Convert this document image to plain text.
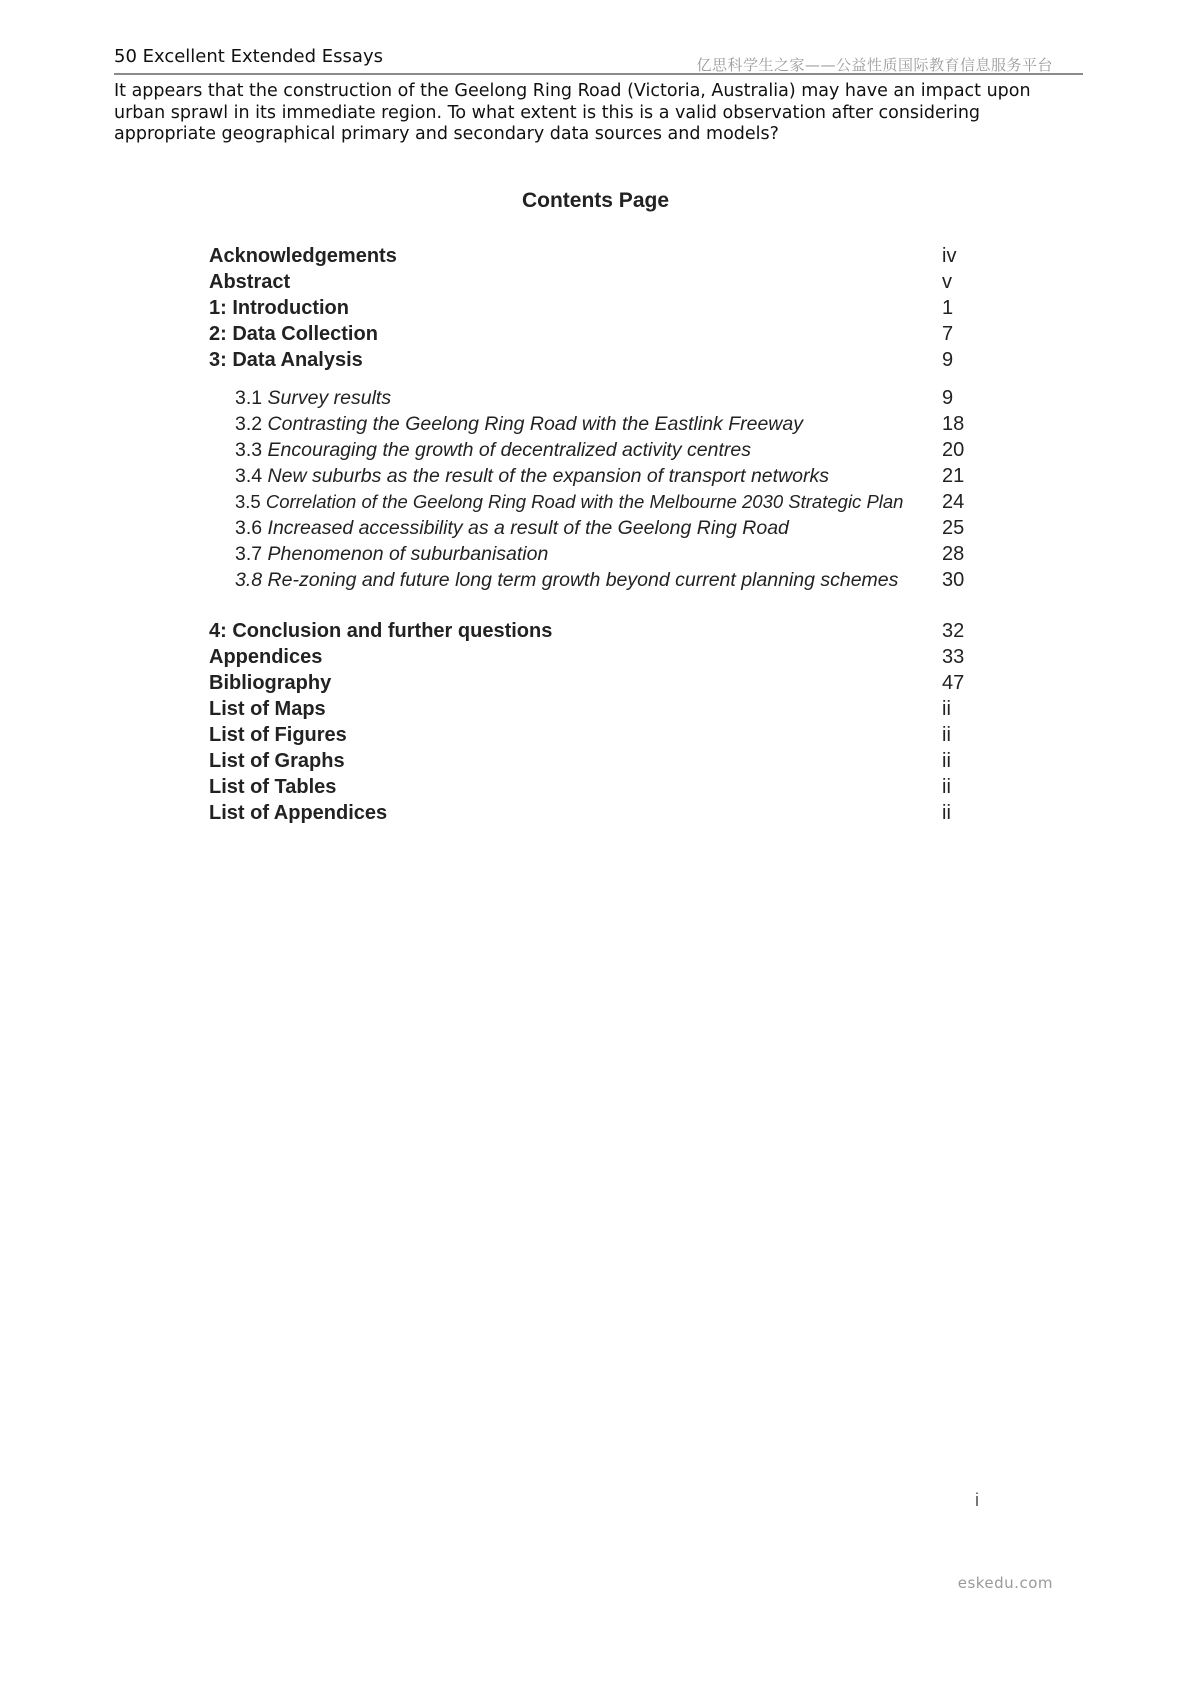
50 Excellent Extended Essays	亿思科学生之家——公益性质国际教育信息服务平台
It appears that the construction of the Geelong Ring Road (Victoria, Australia) may have an impact upon urban sprawl in its immediate region. To what extent is this is a valid observation after considering appropriate geographical primary and secondary data sources and models?
Contents Page
Acknowledgements	iv
Abstract	v
1: Introduction	1
2: Data Collection	7
3: Data Analysis	9
3.1 Survey results	9
3.2 Contrasting the Geelong Ring Road with the Eastlink Freeway	18
3.3 Encouraging the growth of decentralized activity centres	20
3.4 New suburbs as the result of the expansion of transport networks	21
3.5 Correlation of the Geelong Ring Road with the Melbourne 2030 Strategic Plan 24
3.6 Increased accessibility as a result of the Geelong Ring Road	25
3.7 Phenomenon of suburbanisation	28
3.8 Re-zoning and future long term growth beyond current planning schemes 30
4: Conclusion and further questions	32
Appendices	33
Bibliography	47
List of Maps	ii
List of Figures	ii
List of Graphs	ii
List of Tables	ii
List of Appendices	ii
i
eskedu.com
